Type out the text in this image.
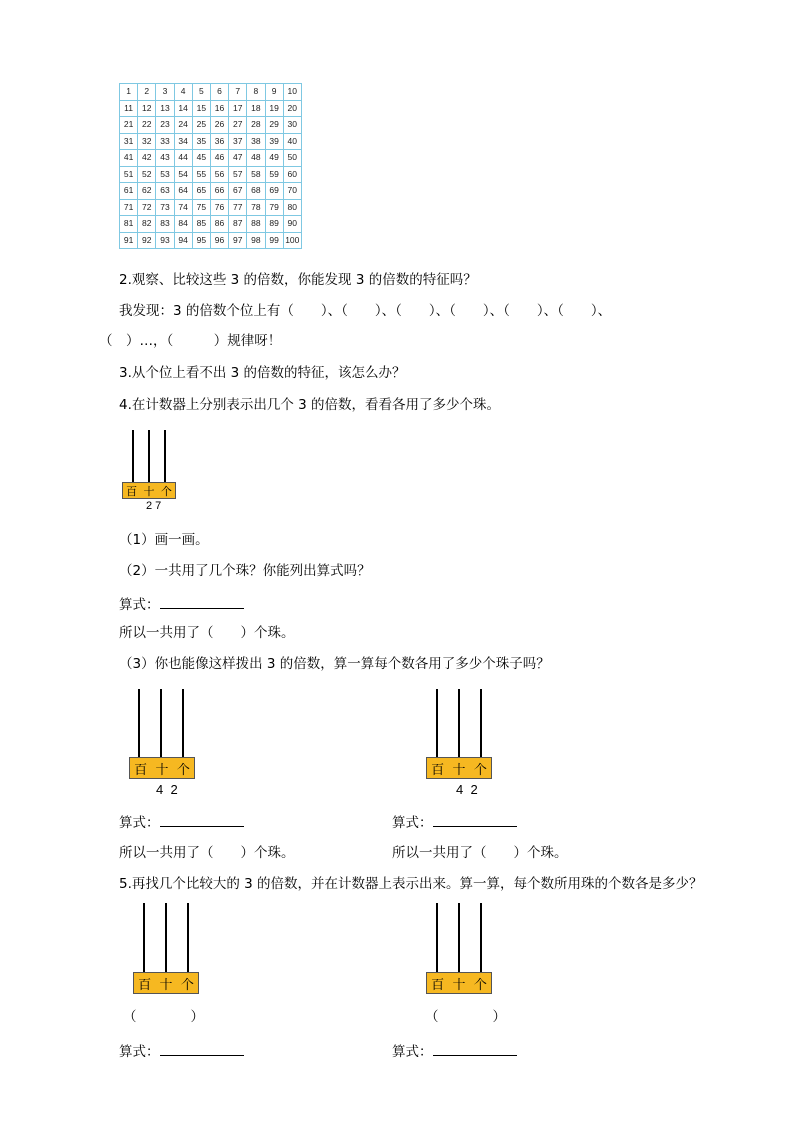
1	2	3	4	5	6	7	8	9	10
11	12	13	14	15	16	17	18	19	20
21	22	23	24	25	26	27	28	29	30
31	32	33	34	35	36	37	38	39	40
41	42	43	44	45	46	47	48	49	50
51	52	53	54	55	56	57	58	59	60
61	62	63	64	65	66	67	68	69	70
71	72	73	74	75	76	77	78	79	80
81	82	83	84	85	86	87	88	89	90
91	92	93	94	95	96	97	98	99	100
2.观察、比较这些 3 的倍数，你能发现 3 的倍数的特征吗？
我发现：3 的倍数个位上有（　　）、（　　）、（　　）、（　　）、（　　）、（　　）、
（　）…，（　　　）规律呀！
3.从个位上看不出 3 的倍数的特征，该怎么办？
4.在计数器上分别表示出几个 3 的倍数，看看各用了多少个珠。
百 十 个
2 7
（1）画一画。
（2）一共用了几个珠？你能列出算式吗？
算式：
所以一共用了（　　）个珠。
（3）你也能像这样拨出 3 的倍数，算一算每个数各用了多少个珠子吗？
百 十 个
4  2
百 十 个
4  2
算式：	算式：
所以一共用了（　　）个珠。	所以一共用了（　　）个珠。
5.再找几个比较大的 3 的倍数，并在计数器上表示出来。算一算，每个数所用珠的个数各是多少？
百 十 个	百 十 个
（　　　　）	（　　　　）
算式：	算式：
